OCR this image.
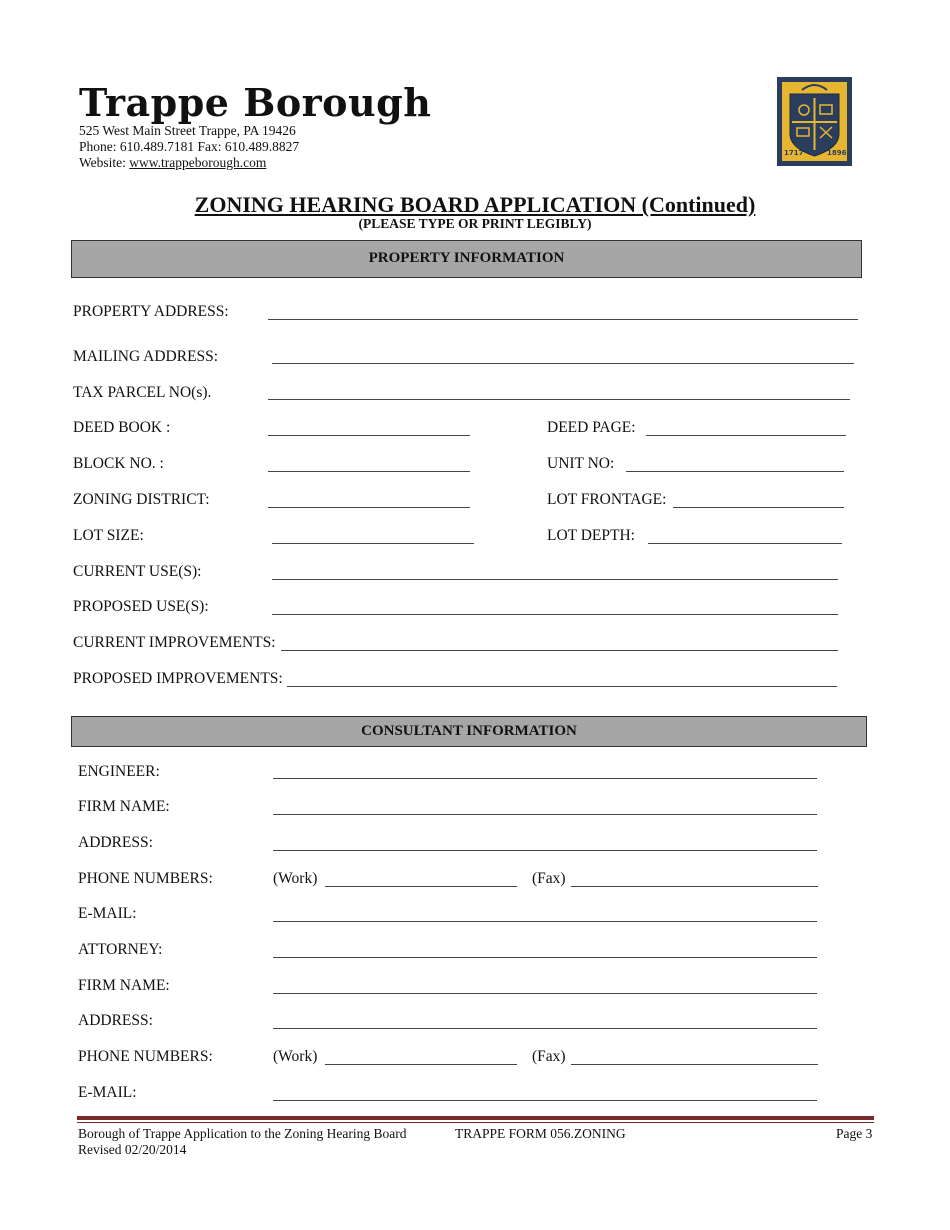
Trappe Borough
525 West Main Street Trappe, PA 19426
Phone: 610.489.7181 Fax: 610.489.8827
Website: www.trappeborough.com
1717	1896
ZONING HEARING BOARD APPLICATION (Continued)
(PLEASE TYPE OR PRINT LEGIBLY)
PROPERTY INFORMATION
PROPERTY ADDRESS:
MAILING ADDRESS:
TAX PARCEL NO(s).
DEED BOOK :	DEED PAGE:
BLOCK NO. :	UNIT NO:
ZONING DISTRICT:	LOT FRONTAGE:
LOT SIZE:	LOT DEPTH:
CURRENT USE(S):
PROPOSED USE(S):
CURRENT IMPROVEMENTS:
PROPOSED IMPROVEMENTS:
CONSULTANT INFORMATION
ENGINEER:
FIRM NAME:
ADDRESS:
PHONE NUMBERS:	(Work)	(Fax)
E-MAIL:
ATTORNEY:
FIRM NAME:
ADDRESS:
PHONE NUMBERS:	(Work)	(Fax)
E-MAIL:
Borough of Trappe Application to the Zoning Hearing Board
Revised 02/20/2014
TRAPPE FORM 056.ZONING	Page 3
